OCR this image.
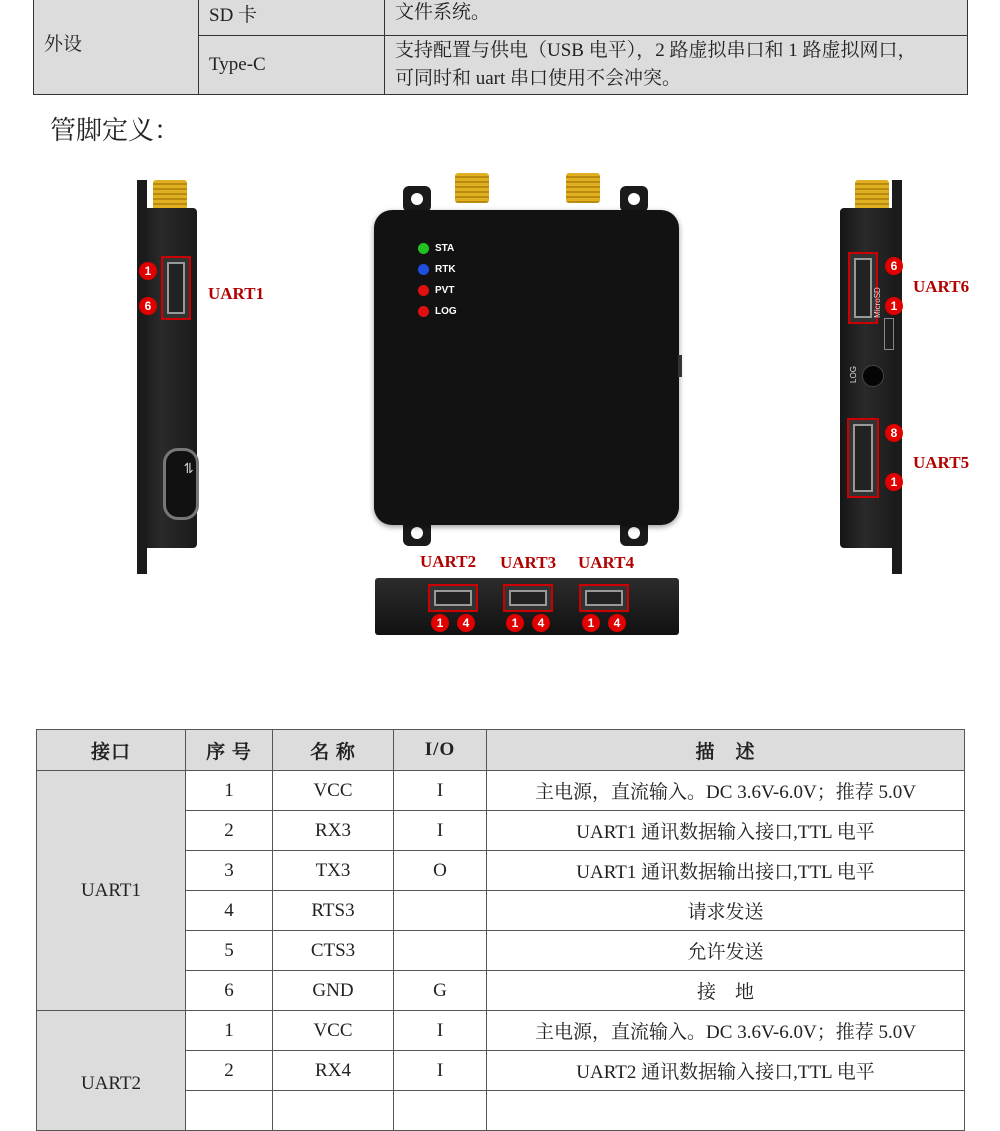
外设	SD 卡	文件系统。
	Type-C	支持配置与供电（USB 电平），2 路虚拟串口和 1 路虚拟网口，
可同时和 uart 串口使用不会冲突。
管脚定义：
1
6
UART1
⇌
STA
RTK
PVT
LOG
6
1
MicroSD
LOG
UART6
8
1
UART5
UART2 UART3 UART4
1	4	1	4	1	4
接口	序 号	名 称	I/O	描　述
UART1	1	VCC	I	主电源，直流输入。DC 3.6V-6.0V；推荐 5.0V
	2	RX3	I	UART1 通讯数据输入接口,TTL 电平
	3	TX3	O	UART1 通讯数据输出接口,TTL 电平
	4	RTS3		请求发送
	5	CTS3		允许发送
	6	GND	G	接　地
UART2	1	VCC	I	主电源，直流输入。DC 3.6V-6.0V；推荐 5.0V
	2	RX4	I	UART2 通讯数据输入接口,TTL 电平
